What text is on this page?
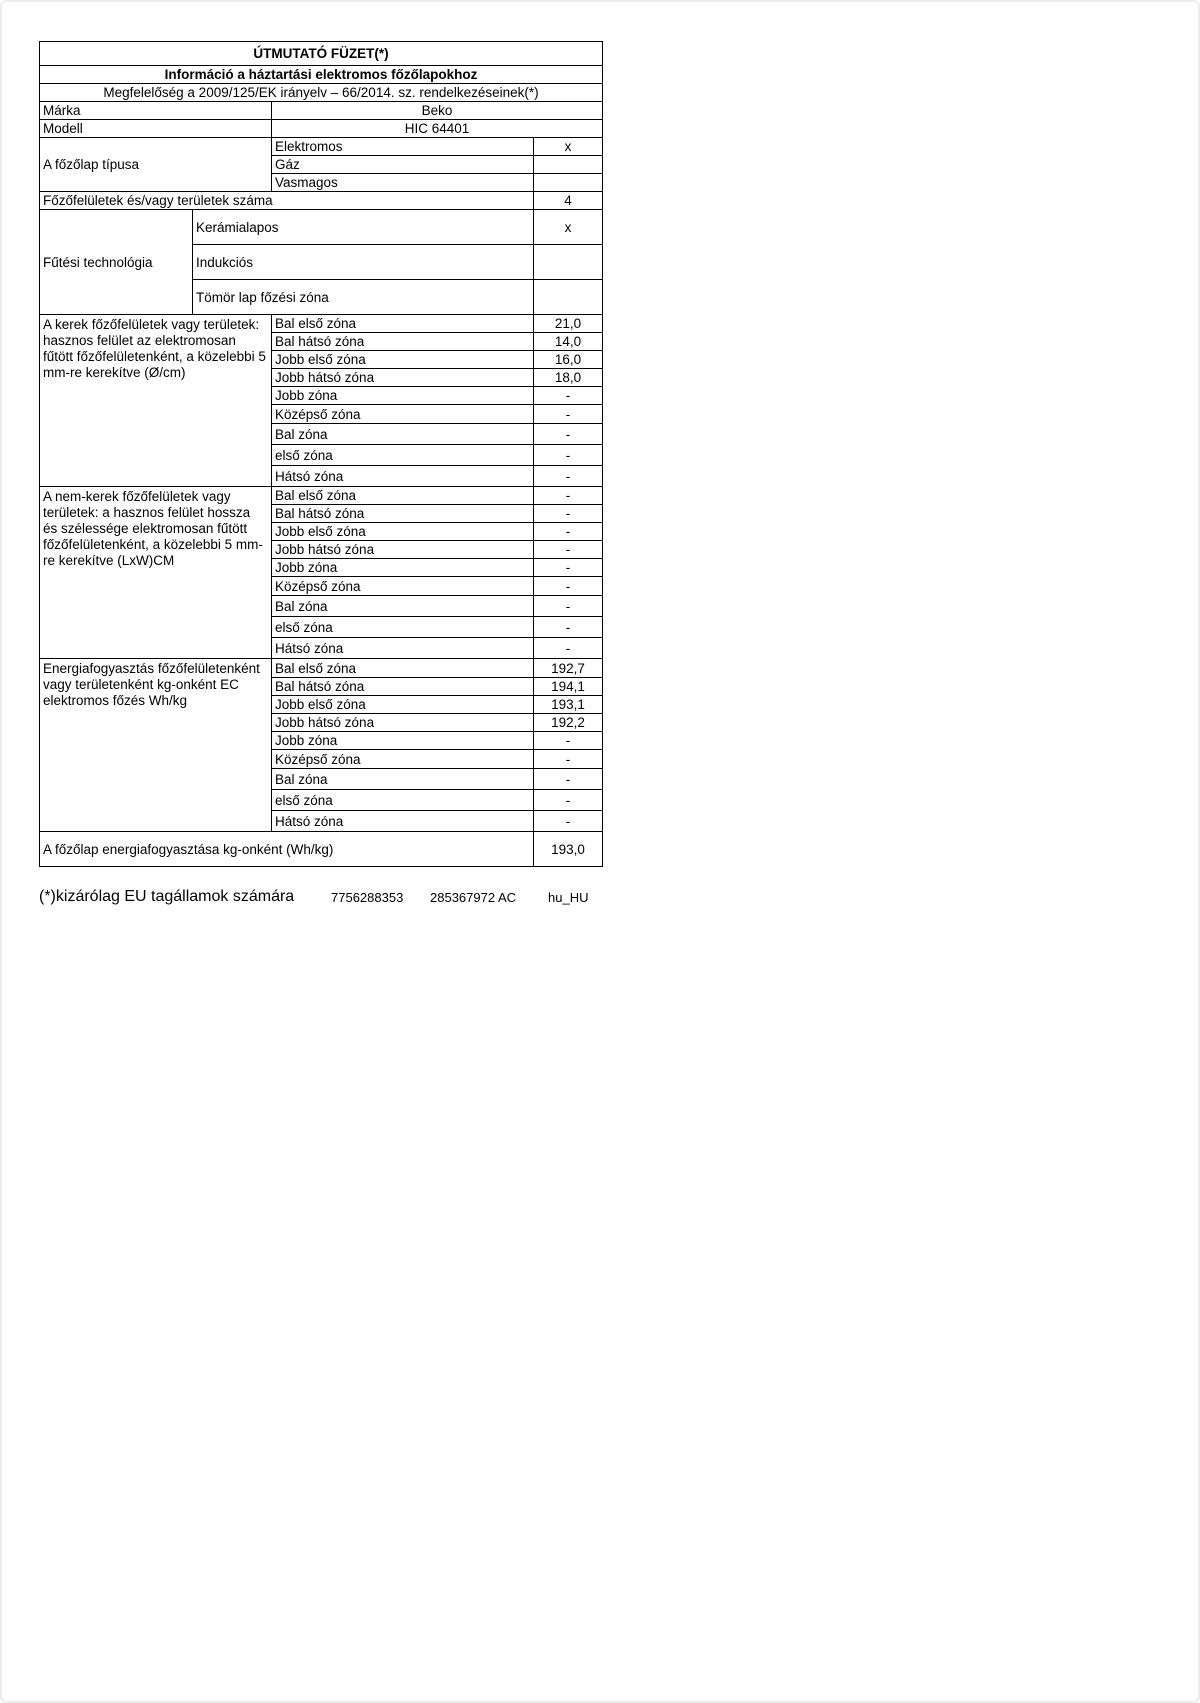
ÚTMUTATÓ FÜZET(*)			
Információ a háztartási elektromos főzőlapokhoz			
Megfelelőség a 2009/125/EK irányelv – 66/2014. sz. rendelkezéseinek(*)			
Márka		Beko	
Modell		HIC 64401	
A főzőlap típusa		Elektromos	x
		Gáz	
		Vasmagos	
Főzőfelületek és/vagy területek száma			4
Fűtési technológia	Kerámialapos		x
	Indukciós		
	Tömör lap főzési zóna		
A kerek főzőfelületek vagy területek: hasznos felület az elektromosan fűtött főzőfelületenként, a közelebbi 5 mm-re kerekítve (Ø/cm)		Bal első zóna	21,0
		Bal hátsó zóna	14,0
		Jobb első zóna	16,0
		Jobb hátsó zóna	18,0
		Jobb zóna	-
		Középső zóna	-
		Bal zóna	-
		első zóna	-
		Hátsó zóna	-
A nem-kerek főzőfelületek vagy területek: a hasznos felület hossza és szélessége elektromosan fűtött főzőfelületenként, a közelebbi 5 mm-re kerekítve (LxW)CM		Bal első zóna	-
		Bal hátsó zóna	-
		Jobb első zóna	-
		Jobb hátsó zóna	-
		Jobb zóna	-
		Középső zóna	-
		Bal zóna	-
		első zóna	-
		Hátsó zóna	-
Energiafogyasztás főzőfelületenként vagy területenként kg-onként EC elektromos főzés Wh/kg		Bal első zóna	192,7
		Bal hátsó zóna	194,1
		Jobb első zóna	193,1
		Jobb hátsó zóna	192,2
		Jobb zóna	-
		Középső zóna	-
		Bal zóna	-
		első zóna	-
		Hátsó zóna	-
A főzőlap energiafogyasztása kg-onként (Wh/kg)			193,0
(*)kizárólag EU tagállamok számára	7756288353 285367972 AC hu_HU
